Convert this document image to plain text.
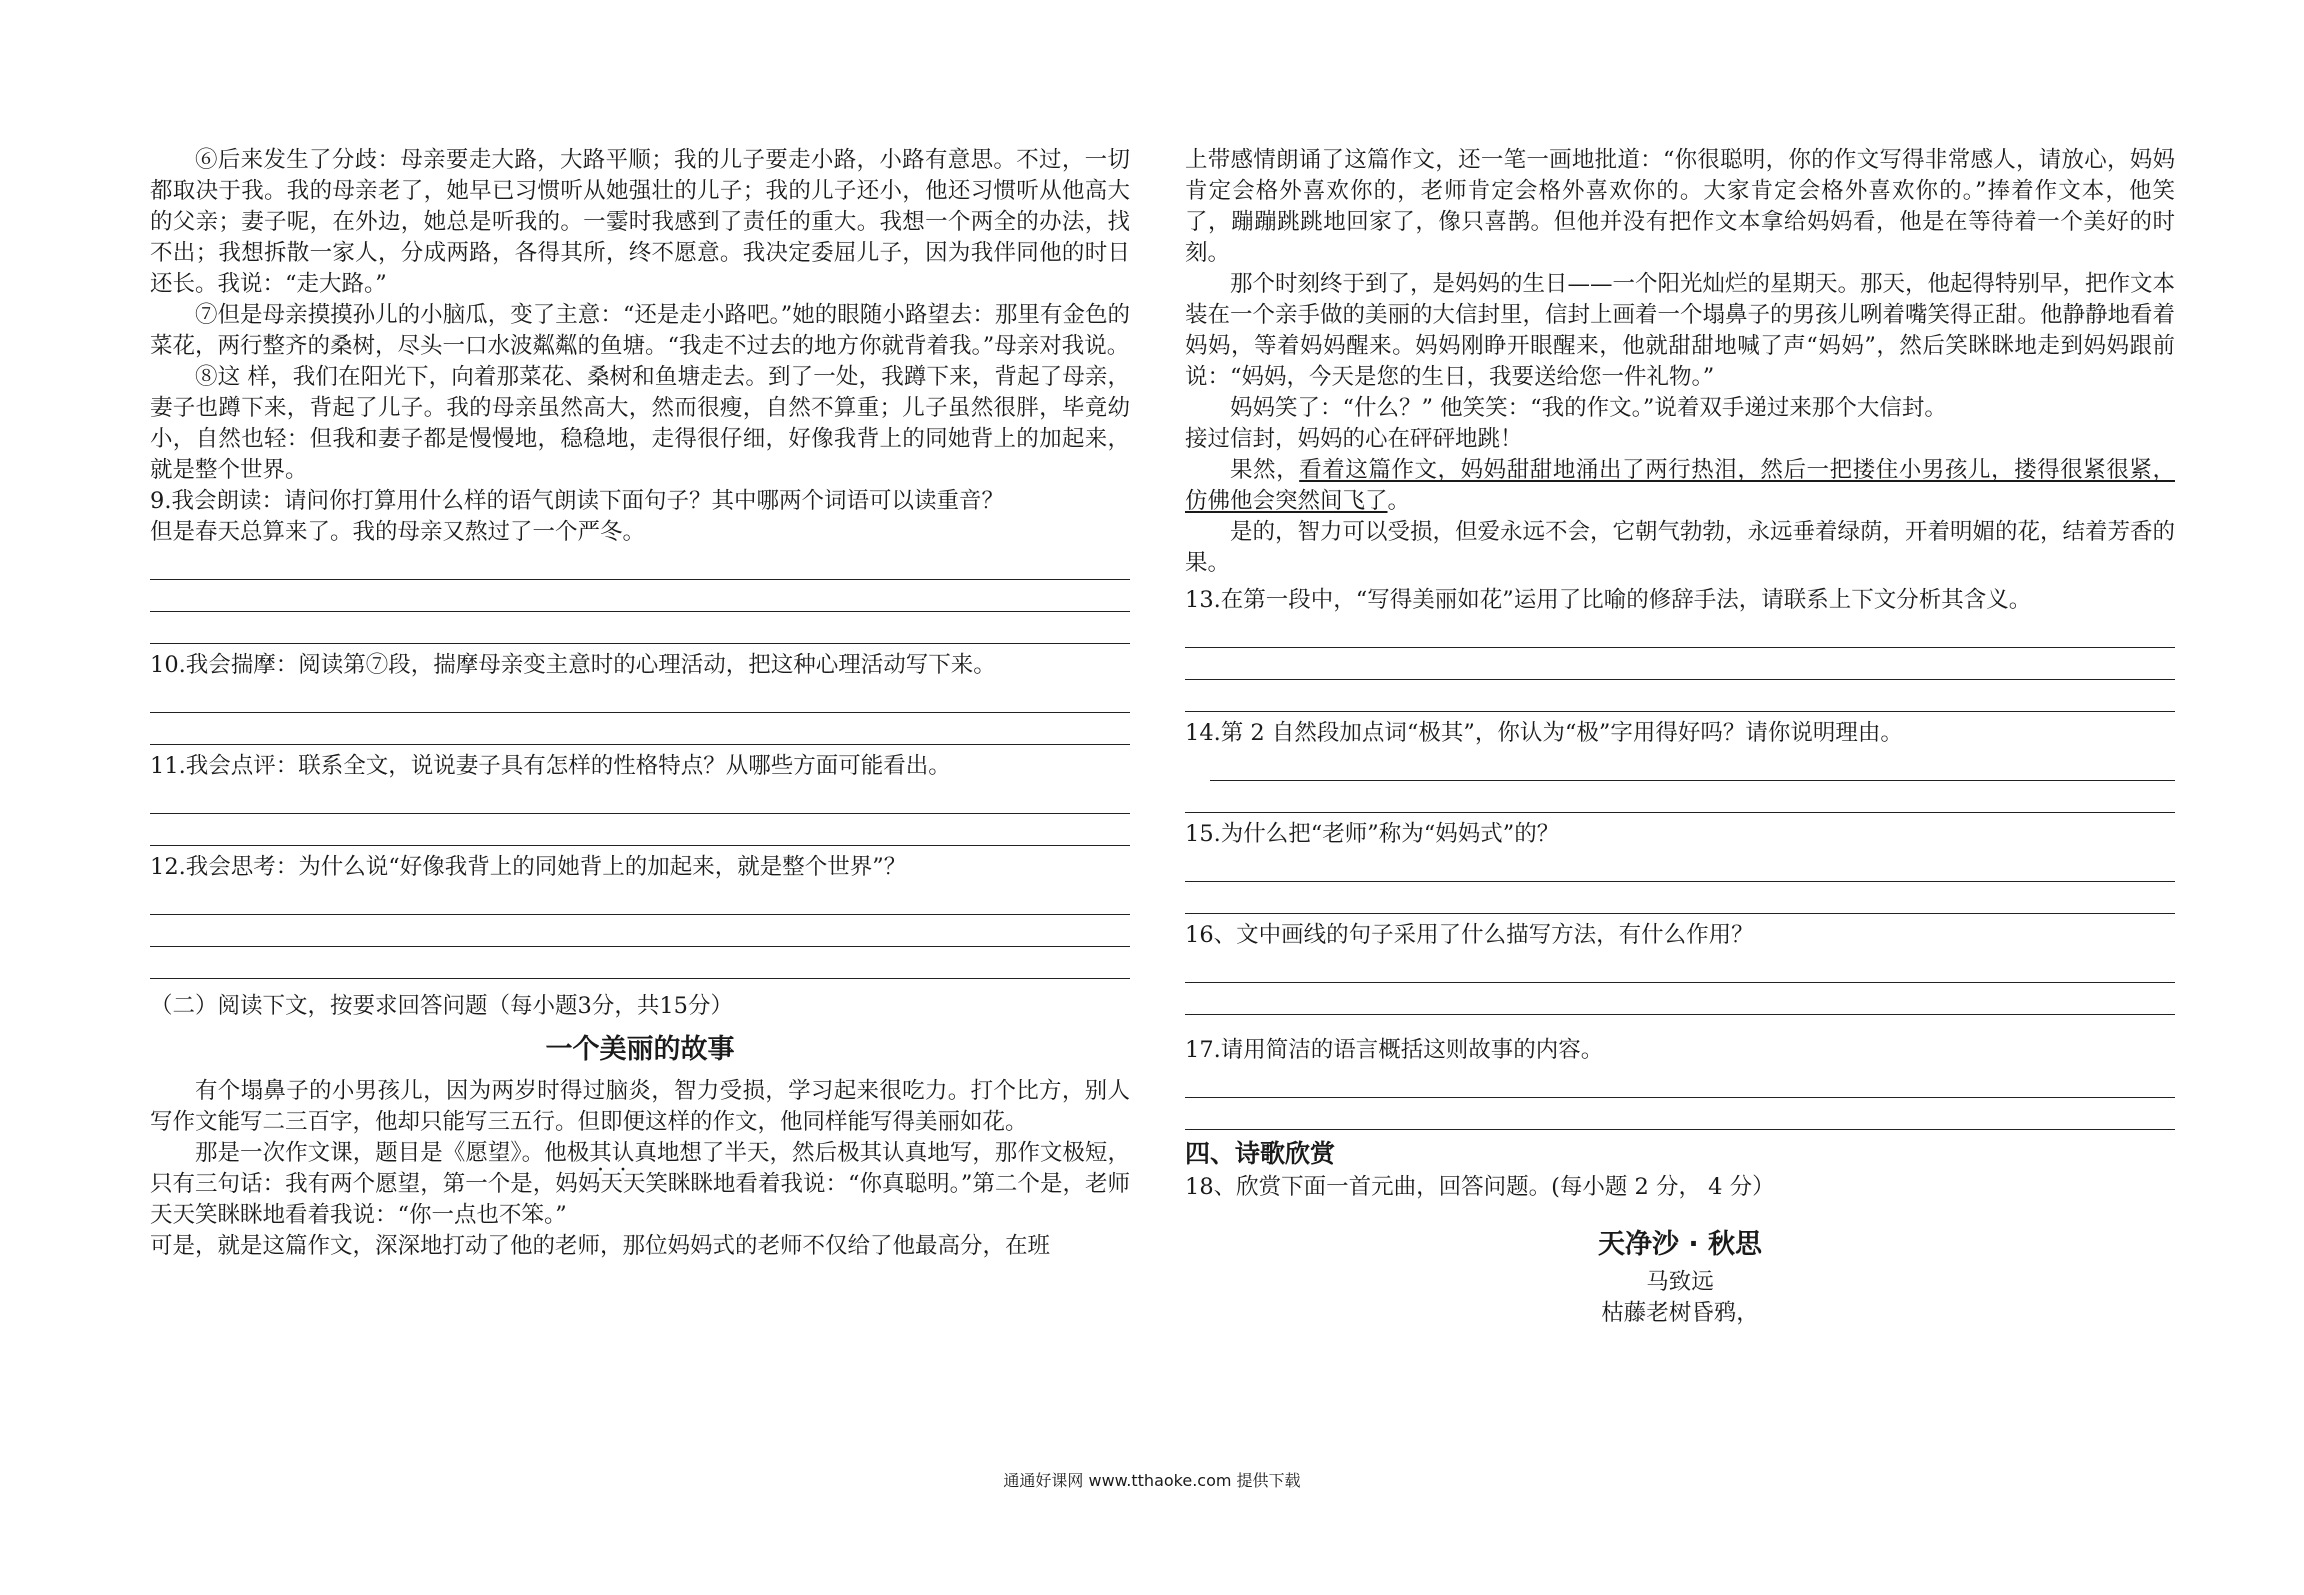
⑥后来发生了分歧：母亲要走大路，大路平顺；我的儿子要走小路，小路有意思。不过，一切都取决于我。我的母亲老了，她早已习惯听从她强壮的儿子；我的儿子还小，他还习惯听从他高大的父亲；妻子呢，在外边，她总是听我的。一霎时我感到了责任的重大。我想一个两全的办法，找不出；我想拆散一家人，分成两路，各得其所，终不愿意。我决定委屈儿子，因为我伴同他的时日还长。我说：“走大路。”

⑦但是母亲摸摸孙儿的小脑瓜，变了主意：“还是走小路吧。”她的眼随小路望去：那里有金色的菜花，两行整齐的桑树，尽头一口水波粼粼的鱼塘。“我走不过去的地方你就背着我。”母亲对我说。

⑧这 样，我们在阳光下，向着那菜花、桑树和鱼塘走去。到了一处，我蹲下来，背起了母亲，妻子也蹲下来，背起了儿子。我的母亲虽然高大，然而很瘦，自然不算重；儿子虽然很胖，毕竟幼小，自然也轻：但我和妻子都是慢慢地，稳稳地，走得很仔细，好像我背上的同她背上的加起来，就是整个世界。

9.我会朗读：请问你打算用什么样的语气朗读下面句子？其中哪两个词语可以读重音？

但是春天总算来了。我的母亲又熬过了一个严冬。

10.我会揣摩：阅读第⑦段，揣摩母亲变主意时的心理活动，把这种心理活动写下来。

11.我会点评：联系全文，说说妻子具有怎样的性格特点？从哪些方面可能看出。

12.我会思考：为什么说“好像我背上的同她背上的加起来，就是整个世界”？

（二）阅读下文，按要求回答问题（每小题3分，共15分）

一个美丽的故事

有个塌鼻子的小男孩儿，因为两岁时得过脑炎，智力受损，学习起来很吃力。打个比方，别人写作文能写二三百字，他却只能写三五行。但即便这样的作文，他同样能写得美丽如花。

那是一次作文课，题目是《愿望》。他极其认真地想了半天，然后极其认真地写，那作文极短，只有三句话：我有两个愿望，第一个是，妈妈天天笑眯眯地看着我说：“你真聪明。”第二个是，老师天天笑眯眯地看着我说：“你一点也不笨。”

可是，就是这篇作文，深深地打动了他的老师，那位妈妈式的老师不仅给了他最高分，在班

上带感情朗诵了这篇作文，还一笔一画地批道：“你很聪明，你的作文写得非常感人，请放心，妈妈肯定会格外喜欢你的，老师肯定会格外喜欢你的。大家肯定会格外喜欢你的。”捧着作文本，他笑了，蹦蹦跳跳地回家了，像只喜鹊。但他并没有把作文本拿给妈妈看，他是在等待着一个美好的时刻。

那个时刻终于到了，是妈妈的生日——一个阳光灿烂的星期天。那天，他起得特别早，把作文本装在一个亲手做的美丽的大信封里，信封上画着一个塌鼻子的男孩儿咧着嘴笑得正甜。他静静地看着妈妈，等着妈妈醒来。妈妈刚睁开眼醒来，他就甜甜地喊了声“妈妈”，然后笑眯眯地走到妈妈跟前说：“妈妈，今天是您的生日，我要送给您一件礼物。”

妈妈笑了：“什么？” 他笑笑：“我的作文。”说着双手递过来那个大信封。

接过信封，妈妈的心在砰砰地跳！

果然，看着这篇作文，妈妈甜甜地涌出了两行热泪，然后一把搂住小男孩儿，搂得很紧很紧，仿佛他会突然间飞了。

是的，智力可以受损，但爱永远不会，它朝气勃勃，永远垂着绿荫，开着明媚的花，结着芳香的果。

13.在第一段中，“写得美丽如花”运用了比喻的修辞手法，请联系上下文分析其含义。

14.第 2 自然段加点词“极其”，你认为“极”字用得好吗？请你说明理由。

15.为什么把“老师”称为“妈妈式”的？

16、文中画线的句子采用了什么描写方法，有什么作用？

17.请用简洁的语言概括这则故事的内容。

四、诗歌欣赏

18、欣赏下面一首元曲，回答问题。(每小题 2 分， 4 分）

天净沙 · 秋思

马致远

枯藤老树昏鸦，

通通好课网 www.tthaoke.com 提供下载
